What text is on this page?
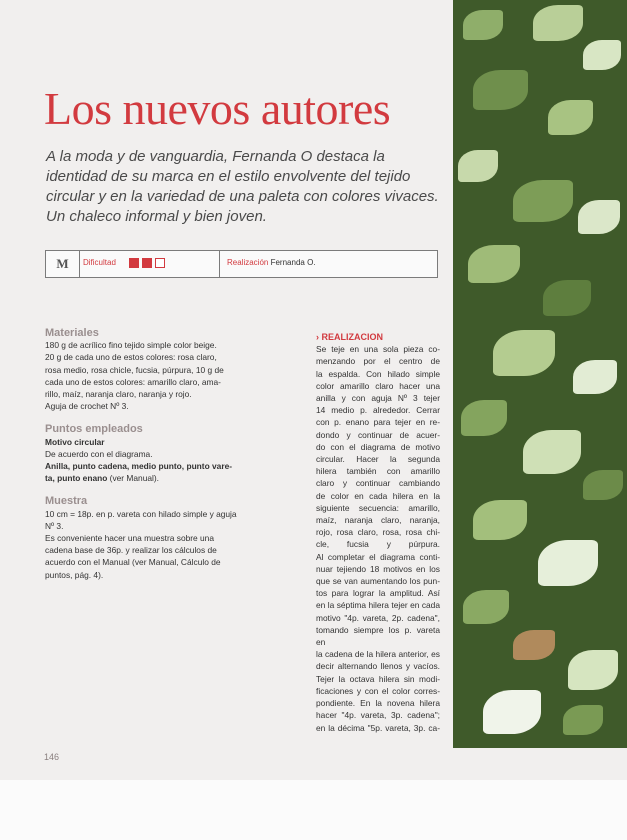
Los nuevos autores

A la moda y de vanguardia, Fernanda O destaca la identidad de su marca en el estilo envolvente del tejido circular y en la variedad de una paleta con colores vivaces. Un chaleco informal y bien joven.

M	Dificultad	Realización Fernanda O.

Materiales

180 g de acrílico fino tejido simple color beige.

20 g de cada uno de estos colores: rosa claro,

rosa medio, rosa chicle, fucsia, púrpura, 10 g de

cada uno de estos colores: amarillo claro, ama-

rillo, maíz, naranja claro, naranja y rojo.

Aguja de crochet Nº 3.

Puntos empleados

Motivo circular

De acuerdo con el diagrama.

Anilla, punto cadena, medio punto, punto vare-

ta, punto enano (ver Manual).

Muestra

10 cm = 18p. en p. vareta con hilado simple y aguja

Nº 3.

Es conveniente hacer una muestra sobre una

cadena base de 36p. y realizar los cálculos de

acuerdo con el Manual (ver Manual, Cálculo de

puntos, pág. 4).

› REALIZACION

Se teje en una sola pieza co-

menzando por el centro de

la espalda. Con hilado simple

color amarillo claro hacer una

anilla y con aguja Nº 3 tejer

14 medio p. alrededor. Cerrar

con p. enano para tejer en re-

dondo y continuar de acuer-

do con el diagrama de motivo

circular. Hacer la segunda

hilera también con amarillo

claro y continuar cambiando

de color en cada hilera en la

siguiente secuencia: amarillo,

maíz, naranja claro, naranja,

rojo, rosa claro, rosa, rosa chi-

cle, fucsia y púrpura.

Al completar el diagrama conti-

nuar tejiendo 18 motivos en los

que se van aumentando los pun-

tos para lograr la amplitud. Así

en la séptima hilera tejer en cada

motivo "4p. vareta, 2p. cadena",

tomando siempre los p. vareta en

la cadena de la hilera anterior, es

decir alternando llenos y vacíos.

Tejer la octava hilera sin modi-

ficaciones y con el color corres-

pondiente. En la novena hilera

hacer "4p. vareta, 3p. cadena";

en la décima "5p. vareta, 3p. ca-

146
